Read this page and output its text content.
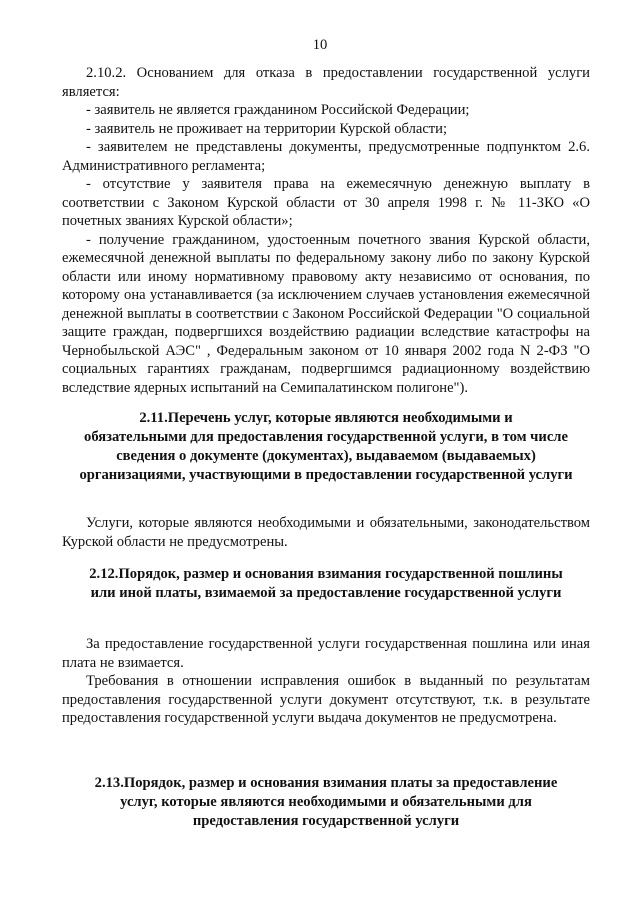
10

2.10.2. Основанием для отказа в предоставлении государственной услуги является:

- заявитель не является гражданином Российской Федерации;

- заявитель не проживает на территории Курской области;

- заявителем не представлены документы, предусмотренные подпунктом 2.6. Административного регламента;

- отсутствие у заявителя права на ежемесячную денежную выплату в соответствии с Законом Курской области от 30 апреля 1998 г. № 11-ЗКО «О почетных званиях Курской области»;

- получение гражданином, удостоенным почетного звания Курской области, ежемесячной денежной выплаты по федеральному закону либо по закону Курской области или иному нормативному правовому акту независимо от основания, по которому она устанавливается (за исключением случаев установления ежемесячной денежной выплаты в соответствии с Законом Российской Федерации "О социальной защите граждан, подвергшихся воздействию радиации вследствие катастрофы на Чернобыльской АЭС" , Федеральным законом от 10 января 2002 года N 2-ФЗ "О социальных гарантиях гражданам, подвергшимся радиационному воздействию вследствие ядерных испытаний на Семипалатинском полигоне").

2.11.Перечень услуг, которые являются необходимыми и
обязательными для предоставления государственной услуги, в том числе
сведения о документе (документах), выдаваемом (выдаваемых)
организациями, участвующими в предоставлении государственной услуги

Услуги, которые являются необходимыми и обязательными, законодательством Курской области не предусмотрены.

2.12.Порядок, размер и основания взимания государственной пошлины
или иной платы, взимаемой за предоставление государственной услуги

За предоставление государственной услуги государственная пошлина или иная плата не взимается.

Требования в отношении исправления ошибок в выданный по результатам предоставления государственной услуги документ отсутствуют, т.к. в результате предоставления государственной услуги выдача документов не предусмотрена.

2.13.Порядок, размер и основания взимания платы за предоставление
услуг, которые являются необходимыми и обязательными для
предоставления государственной услуги
